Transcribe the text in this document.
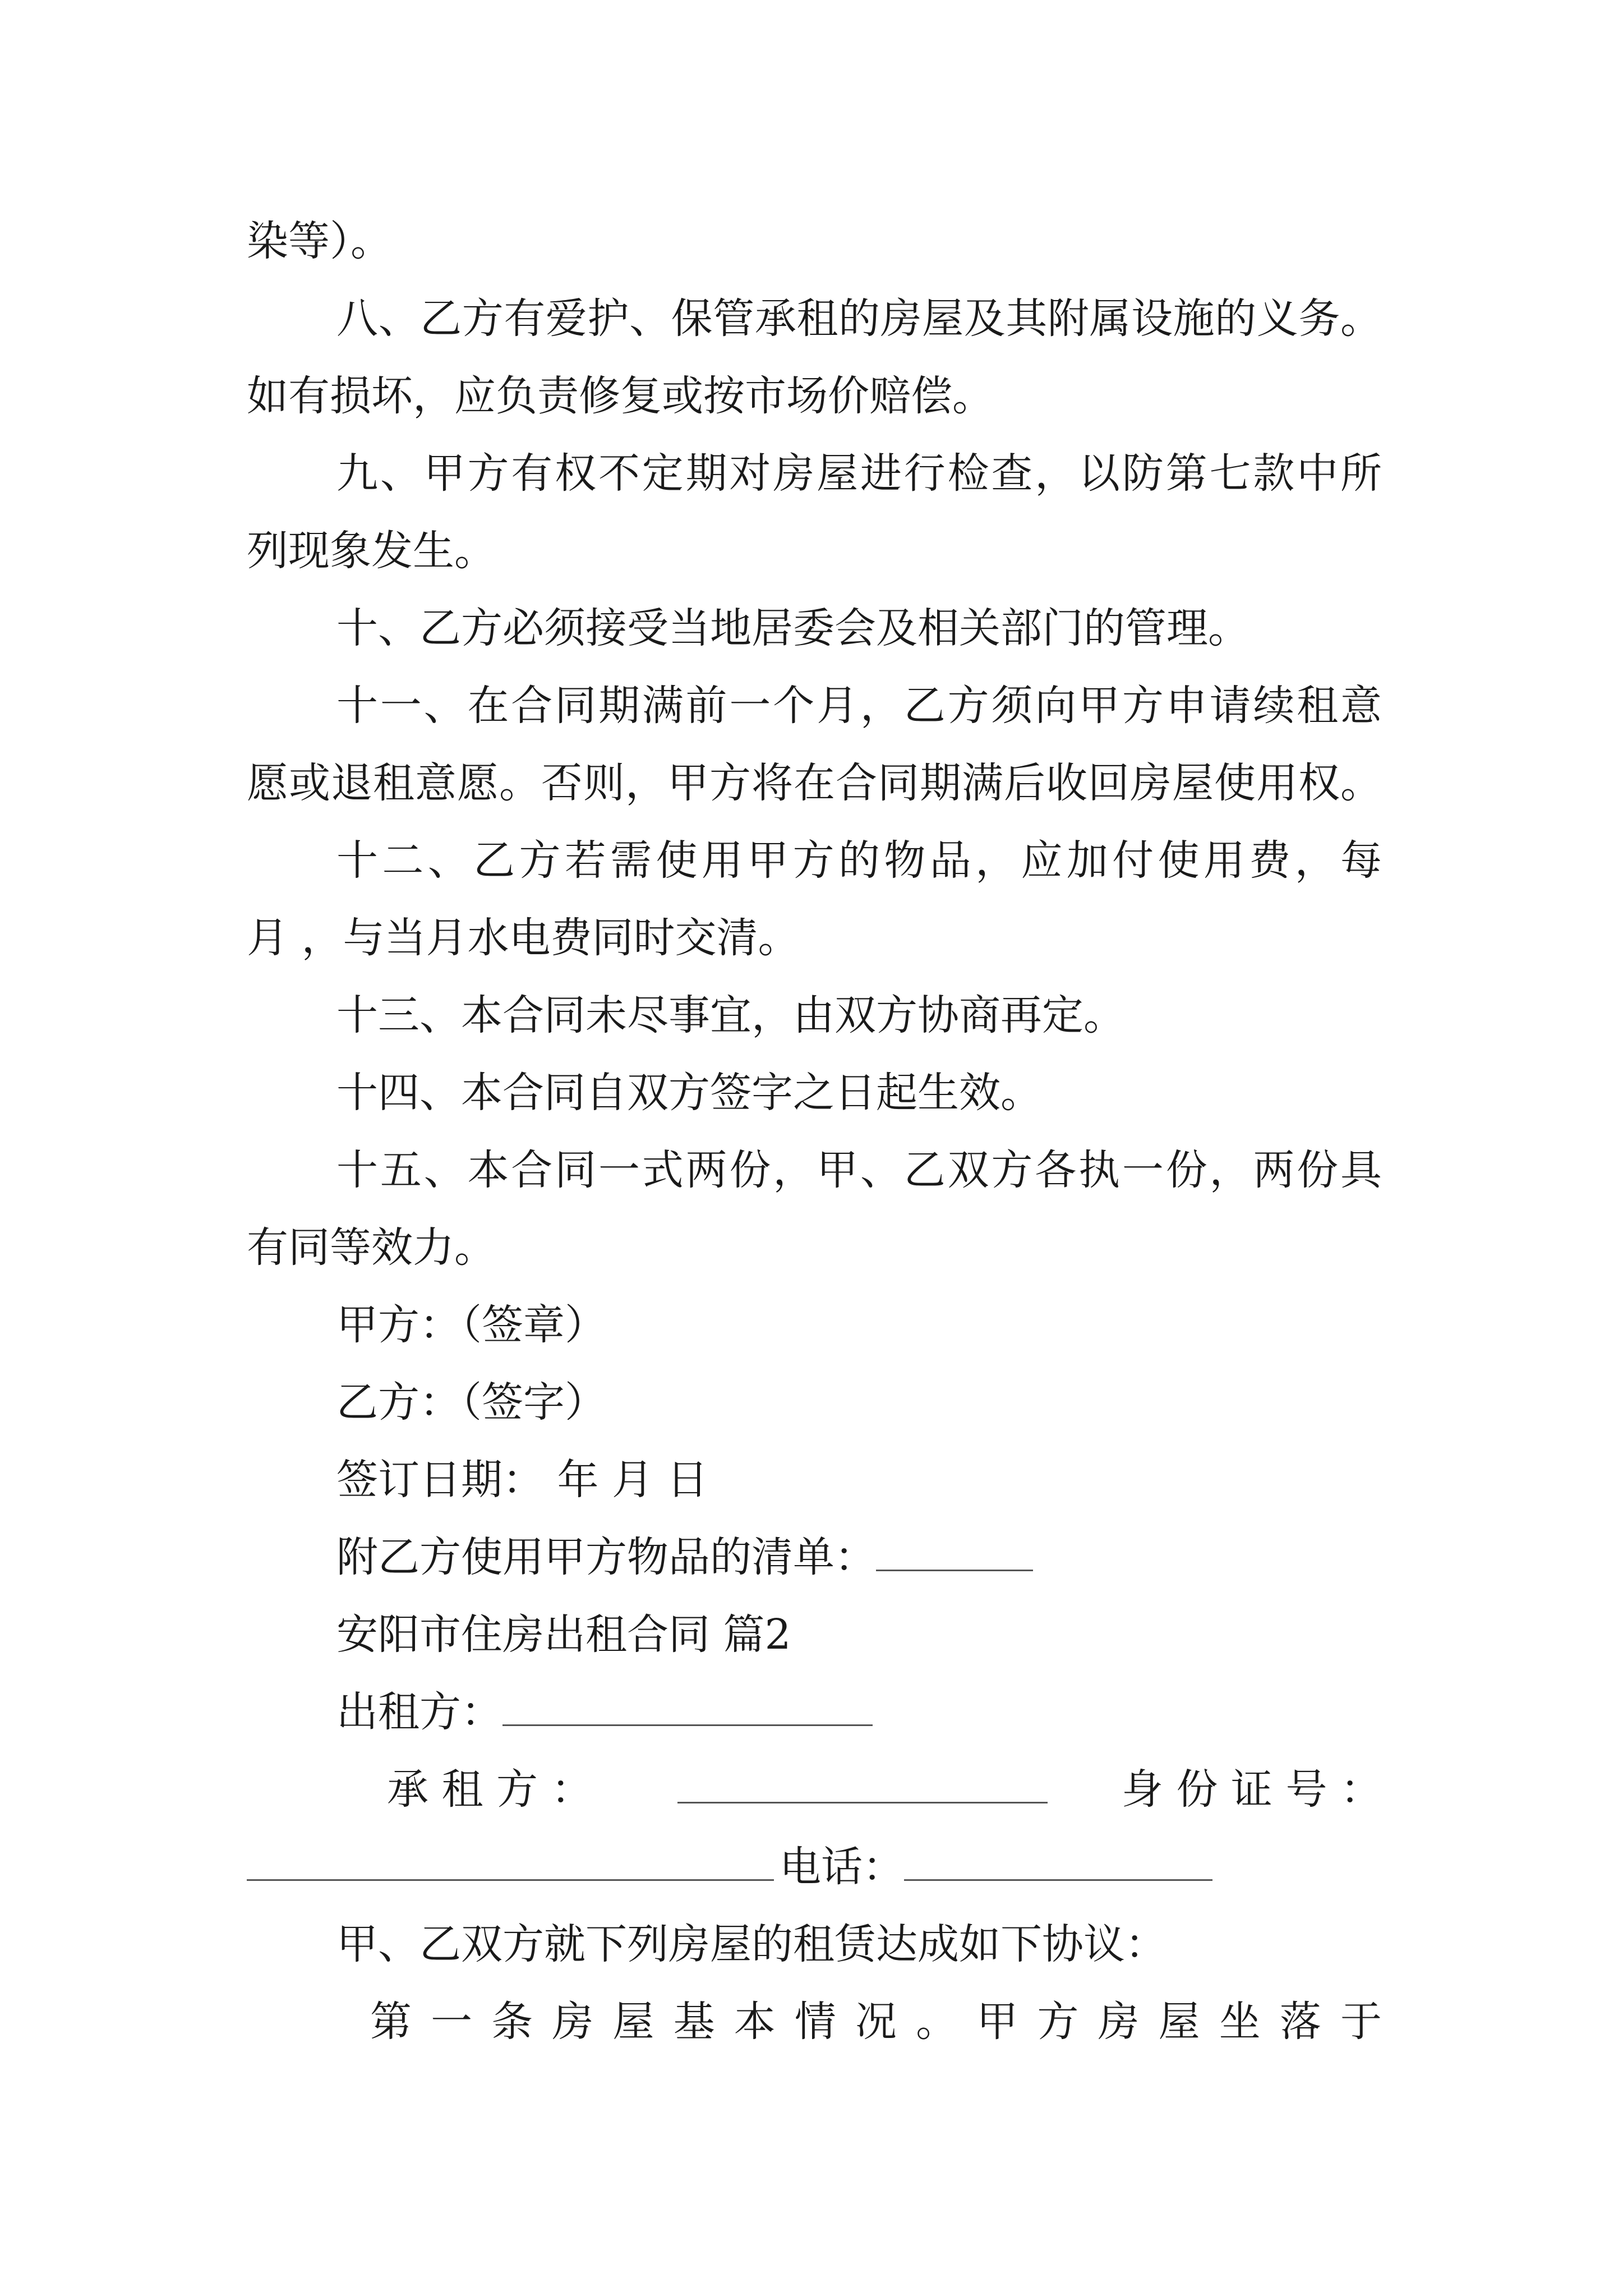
染等）。
八、乙方有爱护、保管承租的房屋及其附属设施的义务。
如有损坏，应负责修复或按市场价赔偿。
九、甲方有权不定期对房屋进行检查，以防第七款中所
列现象发生。
十、乙方必须接受当地居委会及相关部门的管理。
十一、在合同期满前一个月，乙方须向甲方申请续租意
愿或退租意愿。否则，甲方将在合同期满后收回房屋使用权。
十二、乙方若需使用甲方的物品，应加付使用费，每
月 ，与当月水电费同时交清。
十三、本合同未尽事宜，由双方协商再定。
十四、本合同自双方签字之日起生效。
十五、本合同一式两份，甲、乙双方各执一份，两份具
有同等效力。
甲方：（签章）
乙方：（签字）
签订日期： 年 月 日
附乙方使用甲方物品的清单：
安阳市住房出租合同 篇2
出租方：
承 租 方 ：	身 份 证 号 ：
电话：
甲、乙双方就下列房屋的租赁达成如下协议：
第一条房屋基本情况。甲方房屋坐落于
